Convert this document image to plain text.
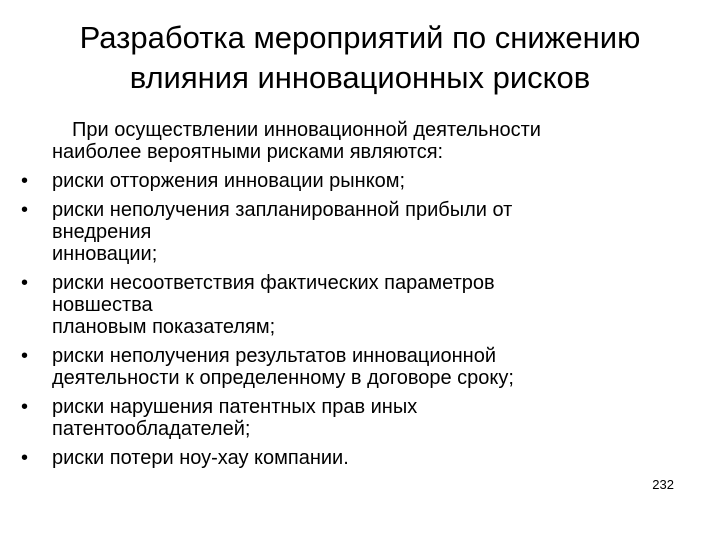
Разработка мероприятий по снижению
влияния инновационных рисков

При осуществлении инновационной деятельности
наиболее вероятными рисками являются:

• риски отторжения инновации рынком;
• риски неполучения запланированной прибыли от
внедрения
инновации;
• риски несоответствия фактических параметров
новшества
плановым показателям;
• риски неполучения результатов инновационной
деятельности к определенному в договоре сроку;
• риски нарушения патентных прав иных
патентообладателей;
• риски потери ноу-хау компании.
232
